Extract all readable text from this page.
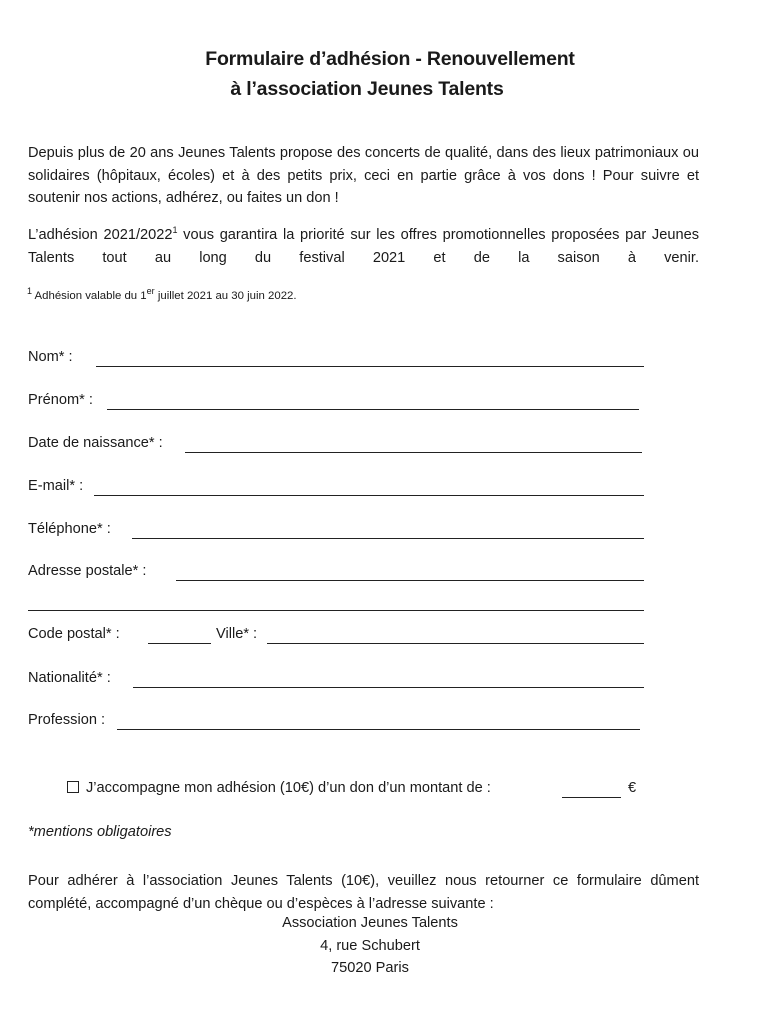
Formulaire d’adhésion - Renouvellement
à l’association Jeunes Talents
Depuis plus de 20 ans Jeunes Talents propose des concerts de qualité, dans des lieux patrimoniaux ou solidaires (hôpitaux, écoles) et à des petits prix, ceci en partie grâce à vos dons ! Pour suivre et soutenir nos actions, adhérez, ou faites un don !
L’adhésion 2021/2022$^1$ vous garantira la priorité sur les offres promotionnelles proposées par Jeunes Talents tout au long du festival 2021 et de la saison à venir.
$^1$ Adhésion valable du 1er juillet 2021 au 30 juin 2022.
Nom* :
Prénom* :
Date de naissance* :
E-mail* :
Téléphone* :
Adresse postale* :
Code postal* :	Ville* :
Nationalité* :
Profession :
J’accompagne mon adhésion (10€) d’un don d’un montant de :	€
*mentions obligatoires
Pour adhérer à l’association Jeunes Talents (10€), veuillez nous retourner ce formulaire dûment complété, accompagné d’un chèque ou d’espèces à l’adresse suivante :
Association Jeunes Talents
4, rue Schubert
75020 Paris
